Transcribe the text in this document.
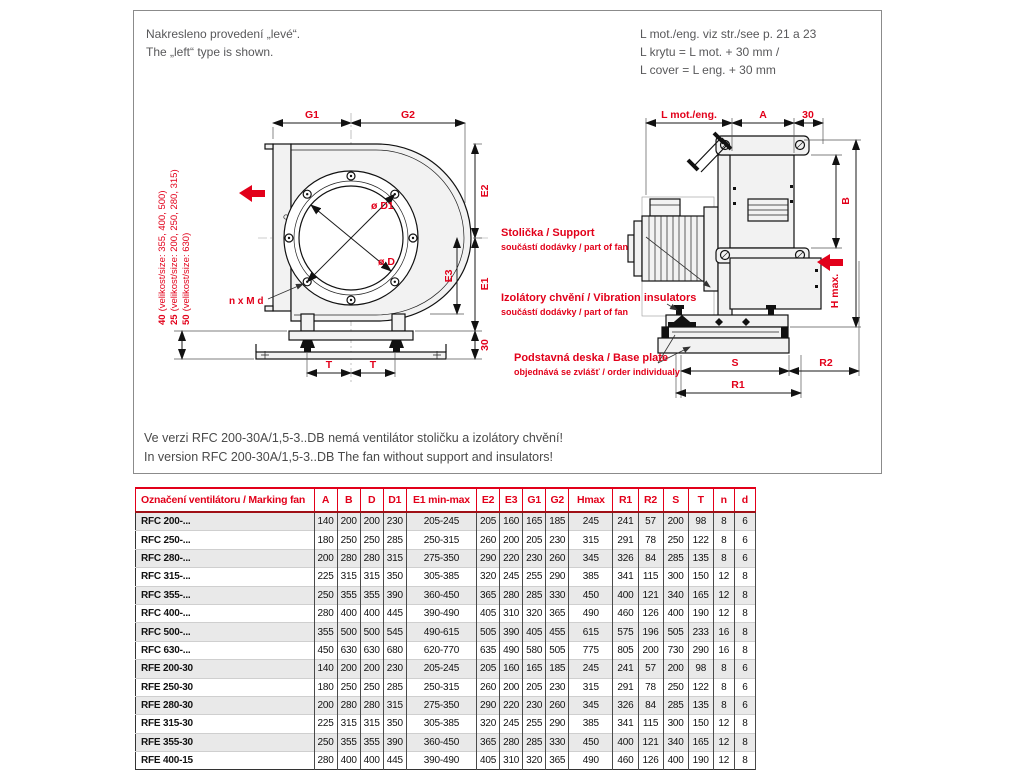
Nakresleno provedení „levé“.
The „left“ type is shown.
L mot./eng. viz str./see p. 21 a 23
L krytu = L mot. + 30 mm /
L cover = L eng. + 30 mm
G1	G2
E2
E1
E3
30
T	T
40(velikost/size: 355, 400, 500)
25(velikost/size: 200, 250, 280, 315)
50(velikost/size: 630)
ø D1
ø D
n x M d
L mot./eng.	A	30
B
H max.
S	R2
R1
Stolička / Support
součástí dodávky / part of fan
Izolátory chvění / Vibration insulators
součástí dodávky / part of fan
Podstavná deska / Base plate
objednává se zvlášť / order individualy
Ve verzi RFC 200-30A/1,5-3..DB nemá ventilátor stoličku a izolátory chvění!
In version RFC 200-30A/1,5-3..DB The fan without support and insulators!
Označení ventilátoru / Marking fan	A	B	D	D1	E1 min-max	E2	E3	G1	G2	Hmax	R1	R2	S	T	n	d
RFC 200-...	140	200	200	230	205-245	205	160	165	185	245	241	57	200	98	8	6
RFC 250-...	180	250	250	285	250-315	260	200	205	230	315	291	78	250	122	8	6
RFC 280-...	200	280	280	315	275-350	290	220	230	260	345	326	84	285	135	8	6
RFC 315-...	225	315	315	350	305-385	320	245	255	290	385	341	115	300	150	12	8
RFC 355-...	250	355	355	390	360-450	365	280	285	330	450	400	121	340	165	12	8
RFC 400-...	280	400	400	445	390-490	405	310	320	365	490	460	126	400	190	12	8
RFC 500-...	355	500	500	545	490-615	505	390	405	455	615	575	196	505	233	16	8
RFC 630-...	450	630	630	680	620-770	635	490	580	505	775	805	200	730	290	16	8
RFE 200-30	140	200	200	230	205-245	205	160	165	185	245	241	57	200	98	8	6
RFE 250-30	180	250	250	285	250-315	260	200	205	230	315	291	78	250	122	8	6
RFE 280-30	200	280	280	315	275-350	290	220	230	260	345	326	84	285	135	8	6
RFE 315-30	225	315	315	350	305-385	320	245	255	290	385	341	115	300	150	12	8
RFE 355-30	250	355	355	390	360-450	365	280	285	330	450	400	121	340	165	12	8
RFE 400-15	280	400	400	445	390-490	405	310	320	365	490	460	126	400	190	12	8
